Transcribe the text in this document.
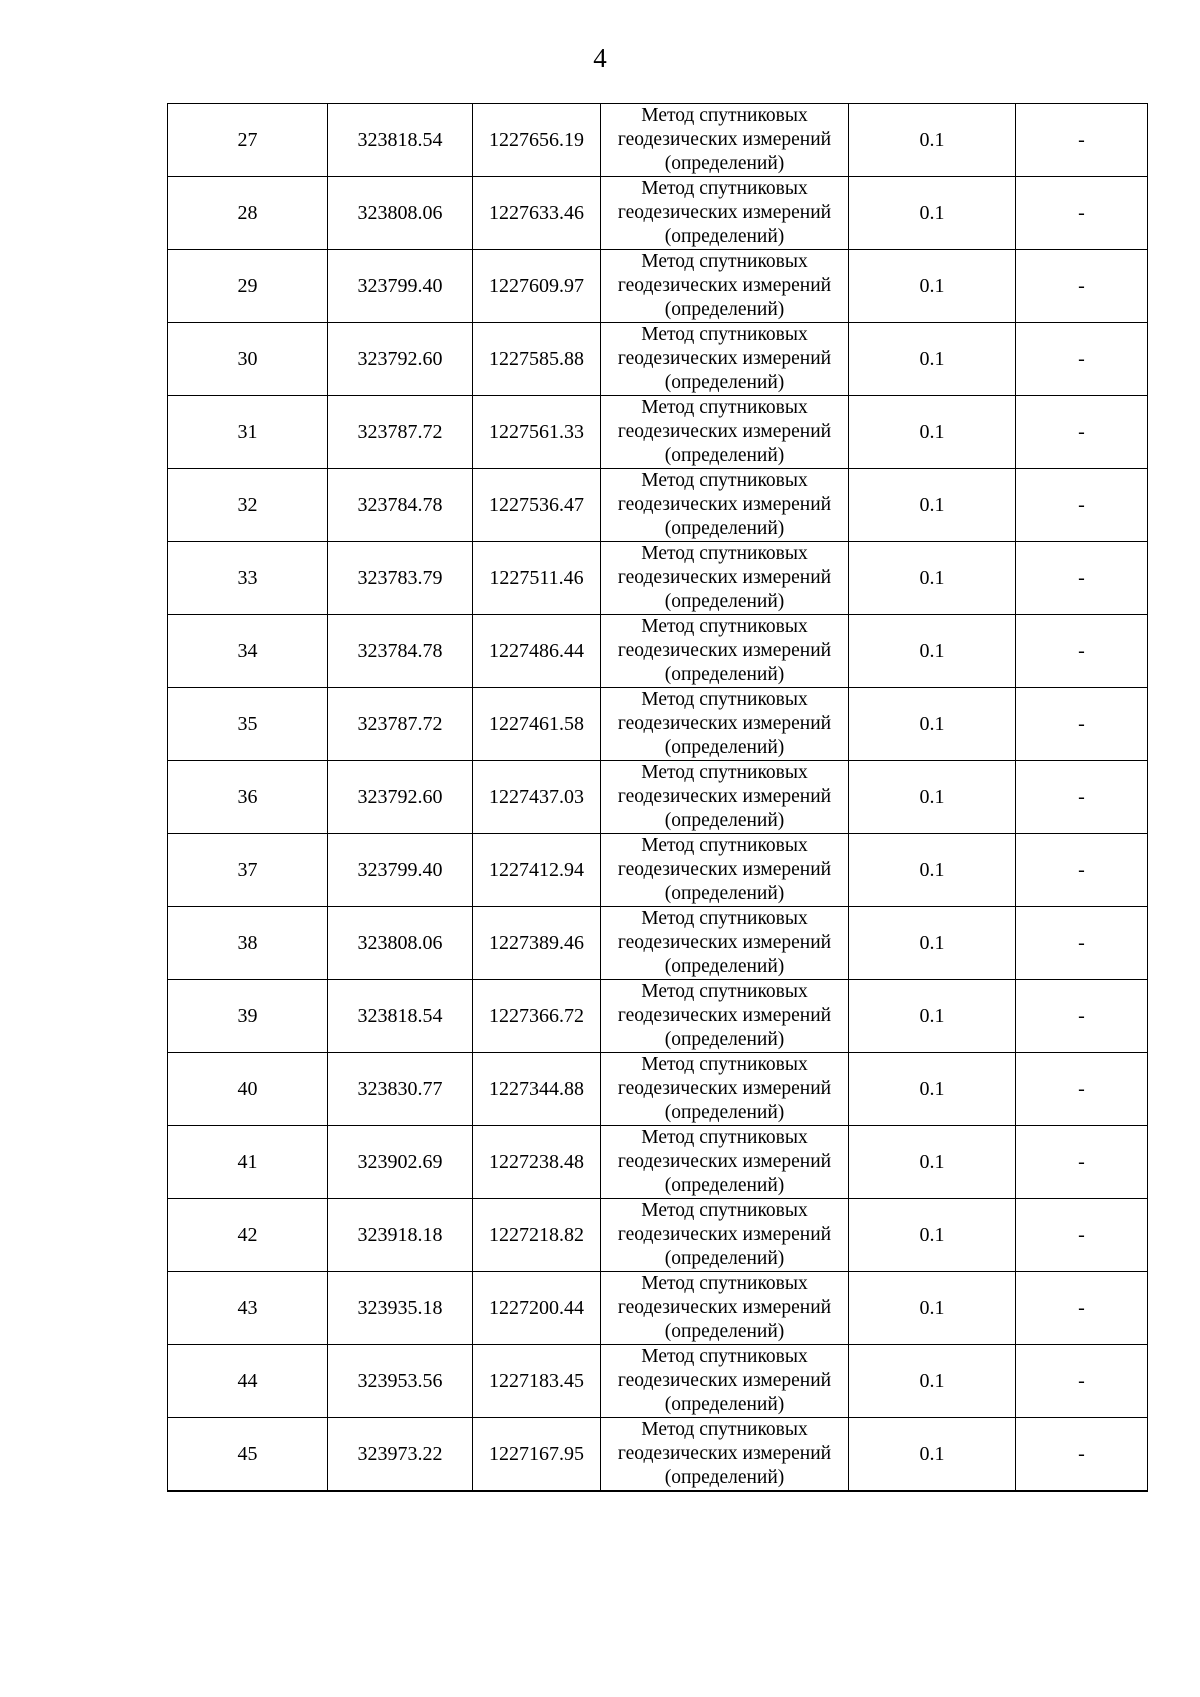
4
27	323818.54	1227656.19	Метод спутниковых
геодезических измерений
(определений)	0.1	-
28	323808.06	1227633.46	Метод спутниковых
геодезических измерений
(определений)	0.1	-
29	323799.40	1227609.97	Метод спутниковых
геодезических измерений
(определений)	0.1	-
30	323792.60	1227585.88	Метод спутниковых
геодезических измерений
(определений)	0.1	-
31	323787.72	1227561.33	Метод спутниковых
геодезических измерений
(определений)	0.1	-
32	323784.78	1227536.47	Метод спутниковых
геодезических измерений
(определений)	0.1	-
33	323783.79	1227511.46	Метод спутниковых
геодезических измерений
(определений)	0.1	-
34	323784.78	1227486.44	Метод спутниковых
геодезических измерений
(определений)	0.1	-
35	323787.72	1227461.58	Метод спутниковых
геодезических измерений
(определений)	0.1	-
36	323792.60	1227437.03	Метод спутниковых
геодезических измерений
(определений)	0.1	-
37	323799.40	1227412.94	Метод спутниковых
геодезических измерений
(определений)	0.1	-
38	323808.06	1227389.46	Метод спутниковых
геодезических измерений
(определений)	0.1	-
39	323818.54	1227366.72	Метод спутниковых
геодезических измерений
(определений)	0.1	-
40	323830.77	1227344.88	Метод спутниковых
геодезических измерений
(определений)	0.1	-
41	323902.69	1227238.48	Метод спутниковых
геодезических измерений
(определений)	0.1	-
42	323918.18	1227218.82	Метод спутниковых
геодезических измерений
(определений)	0.1	-
43	323935.18	1227200.44	Метод спутниковых
геодезических измерений
(определений)	0.1	-
44	323953.56	1227183.45	Метод спутниковых
геодезических измерений
(определений)	0.1	-
45	323973.22	1227167.95	Метод спутниковых
геодезических измерений
(определений)	0.1	-
